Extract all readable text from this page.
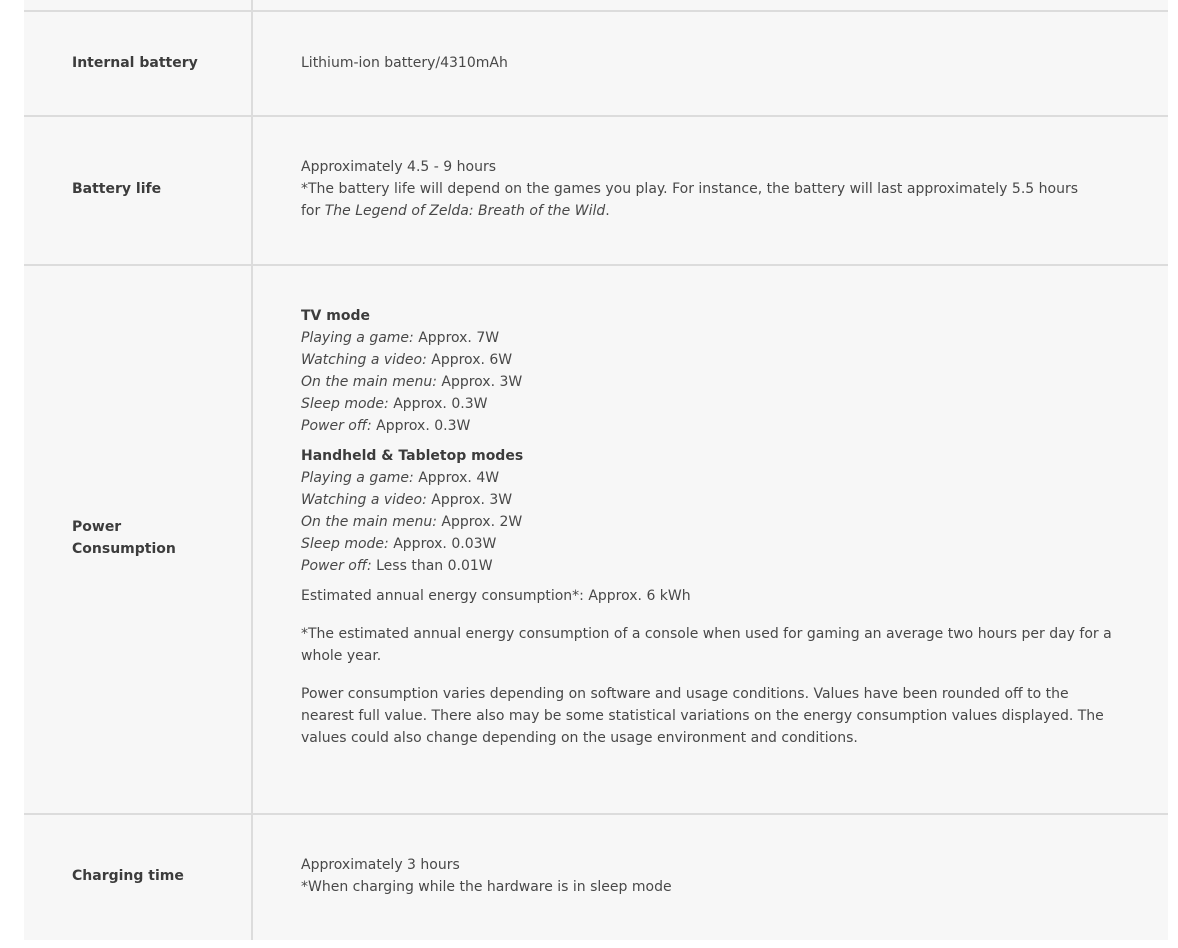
Internal battery	Lithium-ion battery/4310mAh
Battery life

Approximately 4.5 - 9 hours

*The battery life will depend on the games you play. For instance, the battery will last approximately 5.5 hours

for The Legend of Zelda: Breath of the Wild.

Power Consumption

TV mode

Playing a game: Approx. 7W

Watching a video: Approx. 6W

On the main menu: Approx. 3W

Sleep mode: Approx. 0.3W

Power off: Approx. 0.3W

Handheld & Tabletop modes

Playing a game: Approx. 4W

Watching a video: Approx. 3W

On the main menu: Approx. 2W

Sleep mode: Approx. 0.03W

Power off: Less than 0.01W

Estimated annual energy consumption*: Approx. 6 kWh

*The estimated annual energy consumption of a console when used for gaming an average two hours per day for a whole year.

Power consumption varies depending on software and usage conditions. Values have been rounded off to the nearest full value. There also may be some statistical variations on the energy consumption values displayed. The values could also change depending on the usage environment and conditions.

Charging time

Approximately 3 hours

*When charging while the hardware is in sleep mode
